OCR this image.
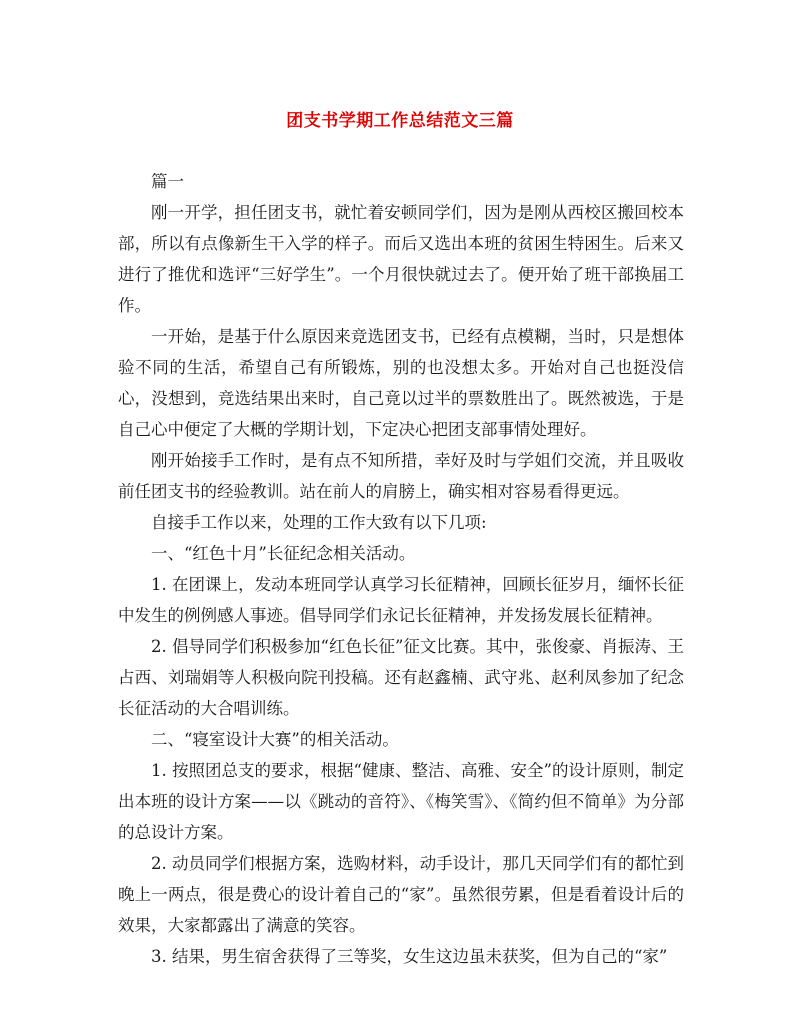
团支书学期工作总结范文三篇

篇一

刚一开学，担任团支书，就忙着安顿同学们，因为是刚从西校区搬回校本部，所以有点像新生干入学的样子。而后又选出本班的贫困生特困生。后来又进行了推优和选评“三好学生”。一个月很快就过去了。便开始了班干部换届工作。

一开始，是基于什么原因来竞选团支书，已经有点模糊，当时，只是想体验不同的生活，希望自己有所锻炼，别的也没想太多。开始对自己也挺没信心，没想到，竞选结果出来时，自己竟以过半的票数胜出了。既然被选，于是自己心中便定了大概的学期计划，下定决心把团支部事情处理好。

刚开始接手工作时，是有点不知所措，幸好及时与学姐们交流，并且吸收前任团支书的经验教训。站在前人的肩膀上，确实相对容易看得更远。

自接手工作以来，处理的工作大致有以下几项:

一、“红色十月”长征纪念相关活动。

1. 在团课上，发动本班同学认真学习长征精神，回顾长征岁月，缅怀长征中发生的例例感人事迹。倡导同学们永记长征精神，并发扬发展长征精神。

2. 倡导同学们积极参加“红色长征”征文比赛。其中，张俊豪、肖振涛、王占西、刘瑞娟等人积极向院刊投稿。还有赵鑫楠、武守兆、赵利凤参加了纪念长征活动的大合唱训练。

二、“寝室设计大赛”的相关活动。

1. 按照团总支的要求，根据“健康、整洁、高雅、安全”的设计原则，制定出本班的设计方案——以《跳动的音符》、《梅笑雪》、《简约但不简单》为分部的总设计方案。

2. 动员同学们根据方案，选购材料，动手设计，那几天同学们有的都忙到晚上一两点，很是费心的设计着自己的“家”。虽然很劳累，但是看着设计后的效果，大家都露出了满意的笑容。

3. 结果，男生宿舍获得了三等奖，女生这边虽未获奖，但为自己的“家”
